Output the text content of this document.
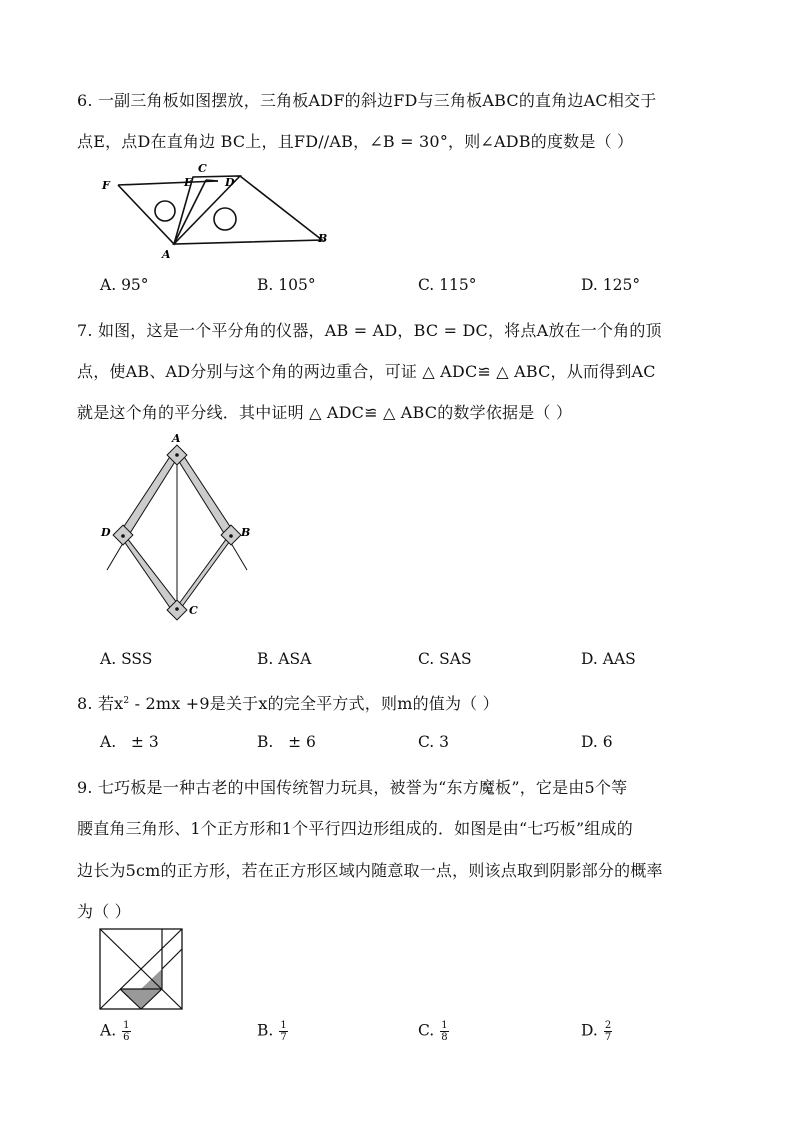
6. 一副三角板如图摆放，三角板ADF的斜边FD与三角板ABC的直角边AC相交于
点E，点D在直角边 BC上，且FD//AB，∠B = 30°，则∠ADB的度数是（ ）
F	E
C
D
A
B
A. 95°	B. 105°	C. 115°	D. 125°
7. 如图，这是一个平分角的仪器，AB = AD，BC = DC，将点A放在一个角的顶
点，使AB、AD分别与这个角的两边重合，可证 △ ADC≌ △ ABC，从而得到AC
就是这个角的平分线．其中证明 △ ADC≌ △ ABC的数学依据是（ ）
A
D	B
C
A. SSS	B. ASA	C. SAS	D. AAS
8. 若$x^2 - 2mx +9$是关于x的完全平方式，则m的值为（ ）
A. ± 3	B. ± 6	C. 3	D. 6
9. 七巧板是一种古老的中国传统智力玩具，被誉为“东方魔板”，它是由5个等
腰直角三角形、1个正方形和1个平行四边形组成的．如图是由“七巧板”组成的
边长为5cm的正方形，若在正方形区域内随意取一点，则该点取到阴影部分的概率
为（ ）
A. $\frac{1}{6}$	B. $\frac{1}{7}$	C. $\frac{1}{8}$	D. $\frac{2}{7}$
